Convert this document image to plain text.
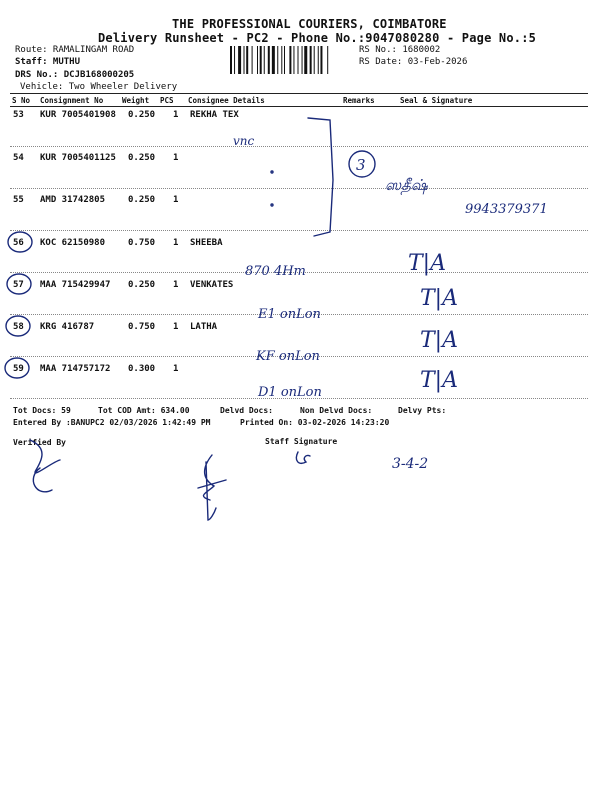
THE PROFESSIONAL COURIERS, COIMBATORE
Delivery Runsheet - PC2 - Phone No.:9047080280 - Page No.:5
Route: RAMALINGAM ROAD
Staff: MUTHU
DRS No.: DCJB168000205
Vehicle: Two Wheeler Delivery
RS No.: 1680002
RS Date: 03-Feb-2026
S No Consignment No	Weight PCS Consignee Details	Remarks	Seal & Signature
53 KUR 7005401908 0.250 1 REKHA TEX
54 KUR 7005401125 0.250 1
55 AMD 31742805	0.250 1
56 KOC 62150980	0.750 1 SHEEBA
57 MAA 715429947 0.250 1 VENKATES
58 KRG 416787	0.750 1 LATHA
59 MAA 714757172 0.300 1
Tot Docs: 59	Tot COD Amt: 634.00	Delvd Docs:	Non Delvd Docs:	Delvy Pts:
Entered By :BANUPC2 02/03/2026 1:42:49 PM	Printed On: 03-02-2026 14:23:20
Verified By	Staff Signature
vnc
3
ஸதீஷ்
9943379371
870 4Hm
E1 onLon
KF onLon
D1 onLon
T|A
T|A
T|A
T|A
3-4-2
